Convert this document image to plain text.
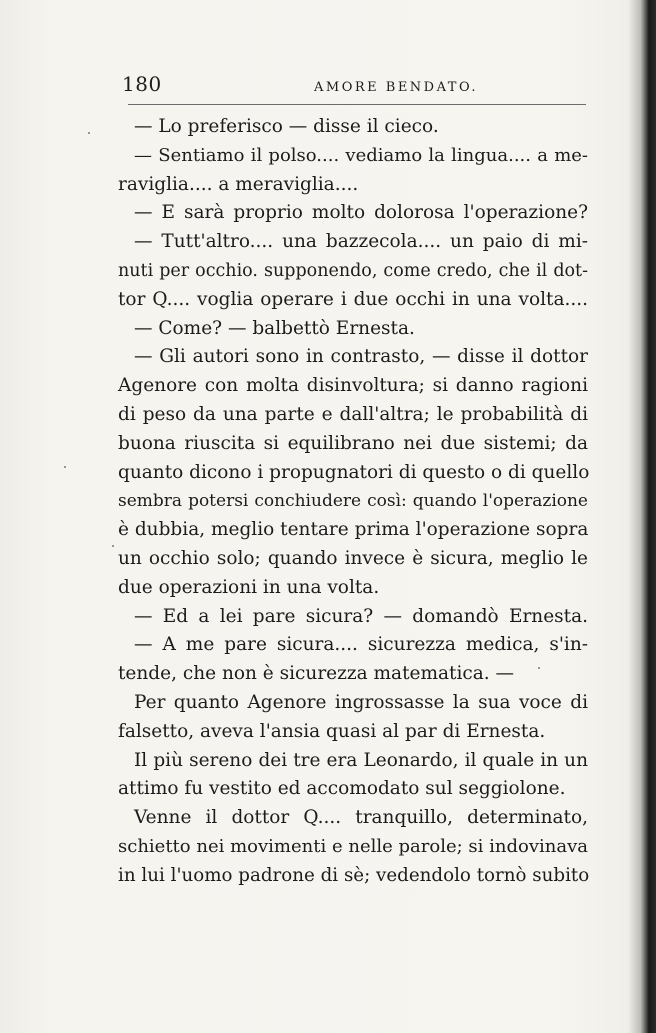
180	AMORE BENDATO.
— Lo preferisco — disse il cieco.
— Sentiamo il polso.... vediamo la lingua.... a me-
raviglia.... a meraviglia....
— E sarà proprio molto dolorosa l'operazione?
— Tutt'altro.... una bazzecola.... un paio di mi-
nuti per occhio. supponendo, come credo, che il dot-
tor Q.... voglia operare i due occhi in una volta....
— Come? — balbettò Ernesta.
— Gli autori sono in contrasto, — disse il dottor
Agenore con molta disinvoltura; si danno ragioni
di peso da una parte e dall'altra; le probabilità di
buona riuscita si equilibrano nei due sistemi; da
quanto dicono i propugnatori di questo o di quello
sembra potersi conchiudere così: quando l'operazione
è dubbia, meglio tentare prima l'operazione sopra
un occhio solo; quando invece è sicura, meglio le
due operazioni in una volta.
— Ed a lei pare sicura? — domandò Ernesta.
— A me pare sicura.... sicurezza medica, s'in-
tende, che non è sicurezza matematica. —
Per quanto Agenore ingrossasse la sua voce di
falsetto, aveva l'ansia quasi al par di Ernesta.
Il più sereno dei tre era Leonardo, il quale in un
attimo fu vestito ed accomodato sul seggiolone.
Venne il dottor Q.... tranquillo, determinato,
schietto nei movimenti e nelle parole; si indovinava
in lui l'uomo padrone di sè; vedendolo tornò subito
